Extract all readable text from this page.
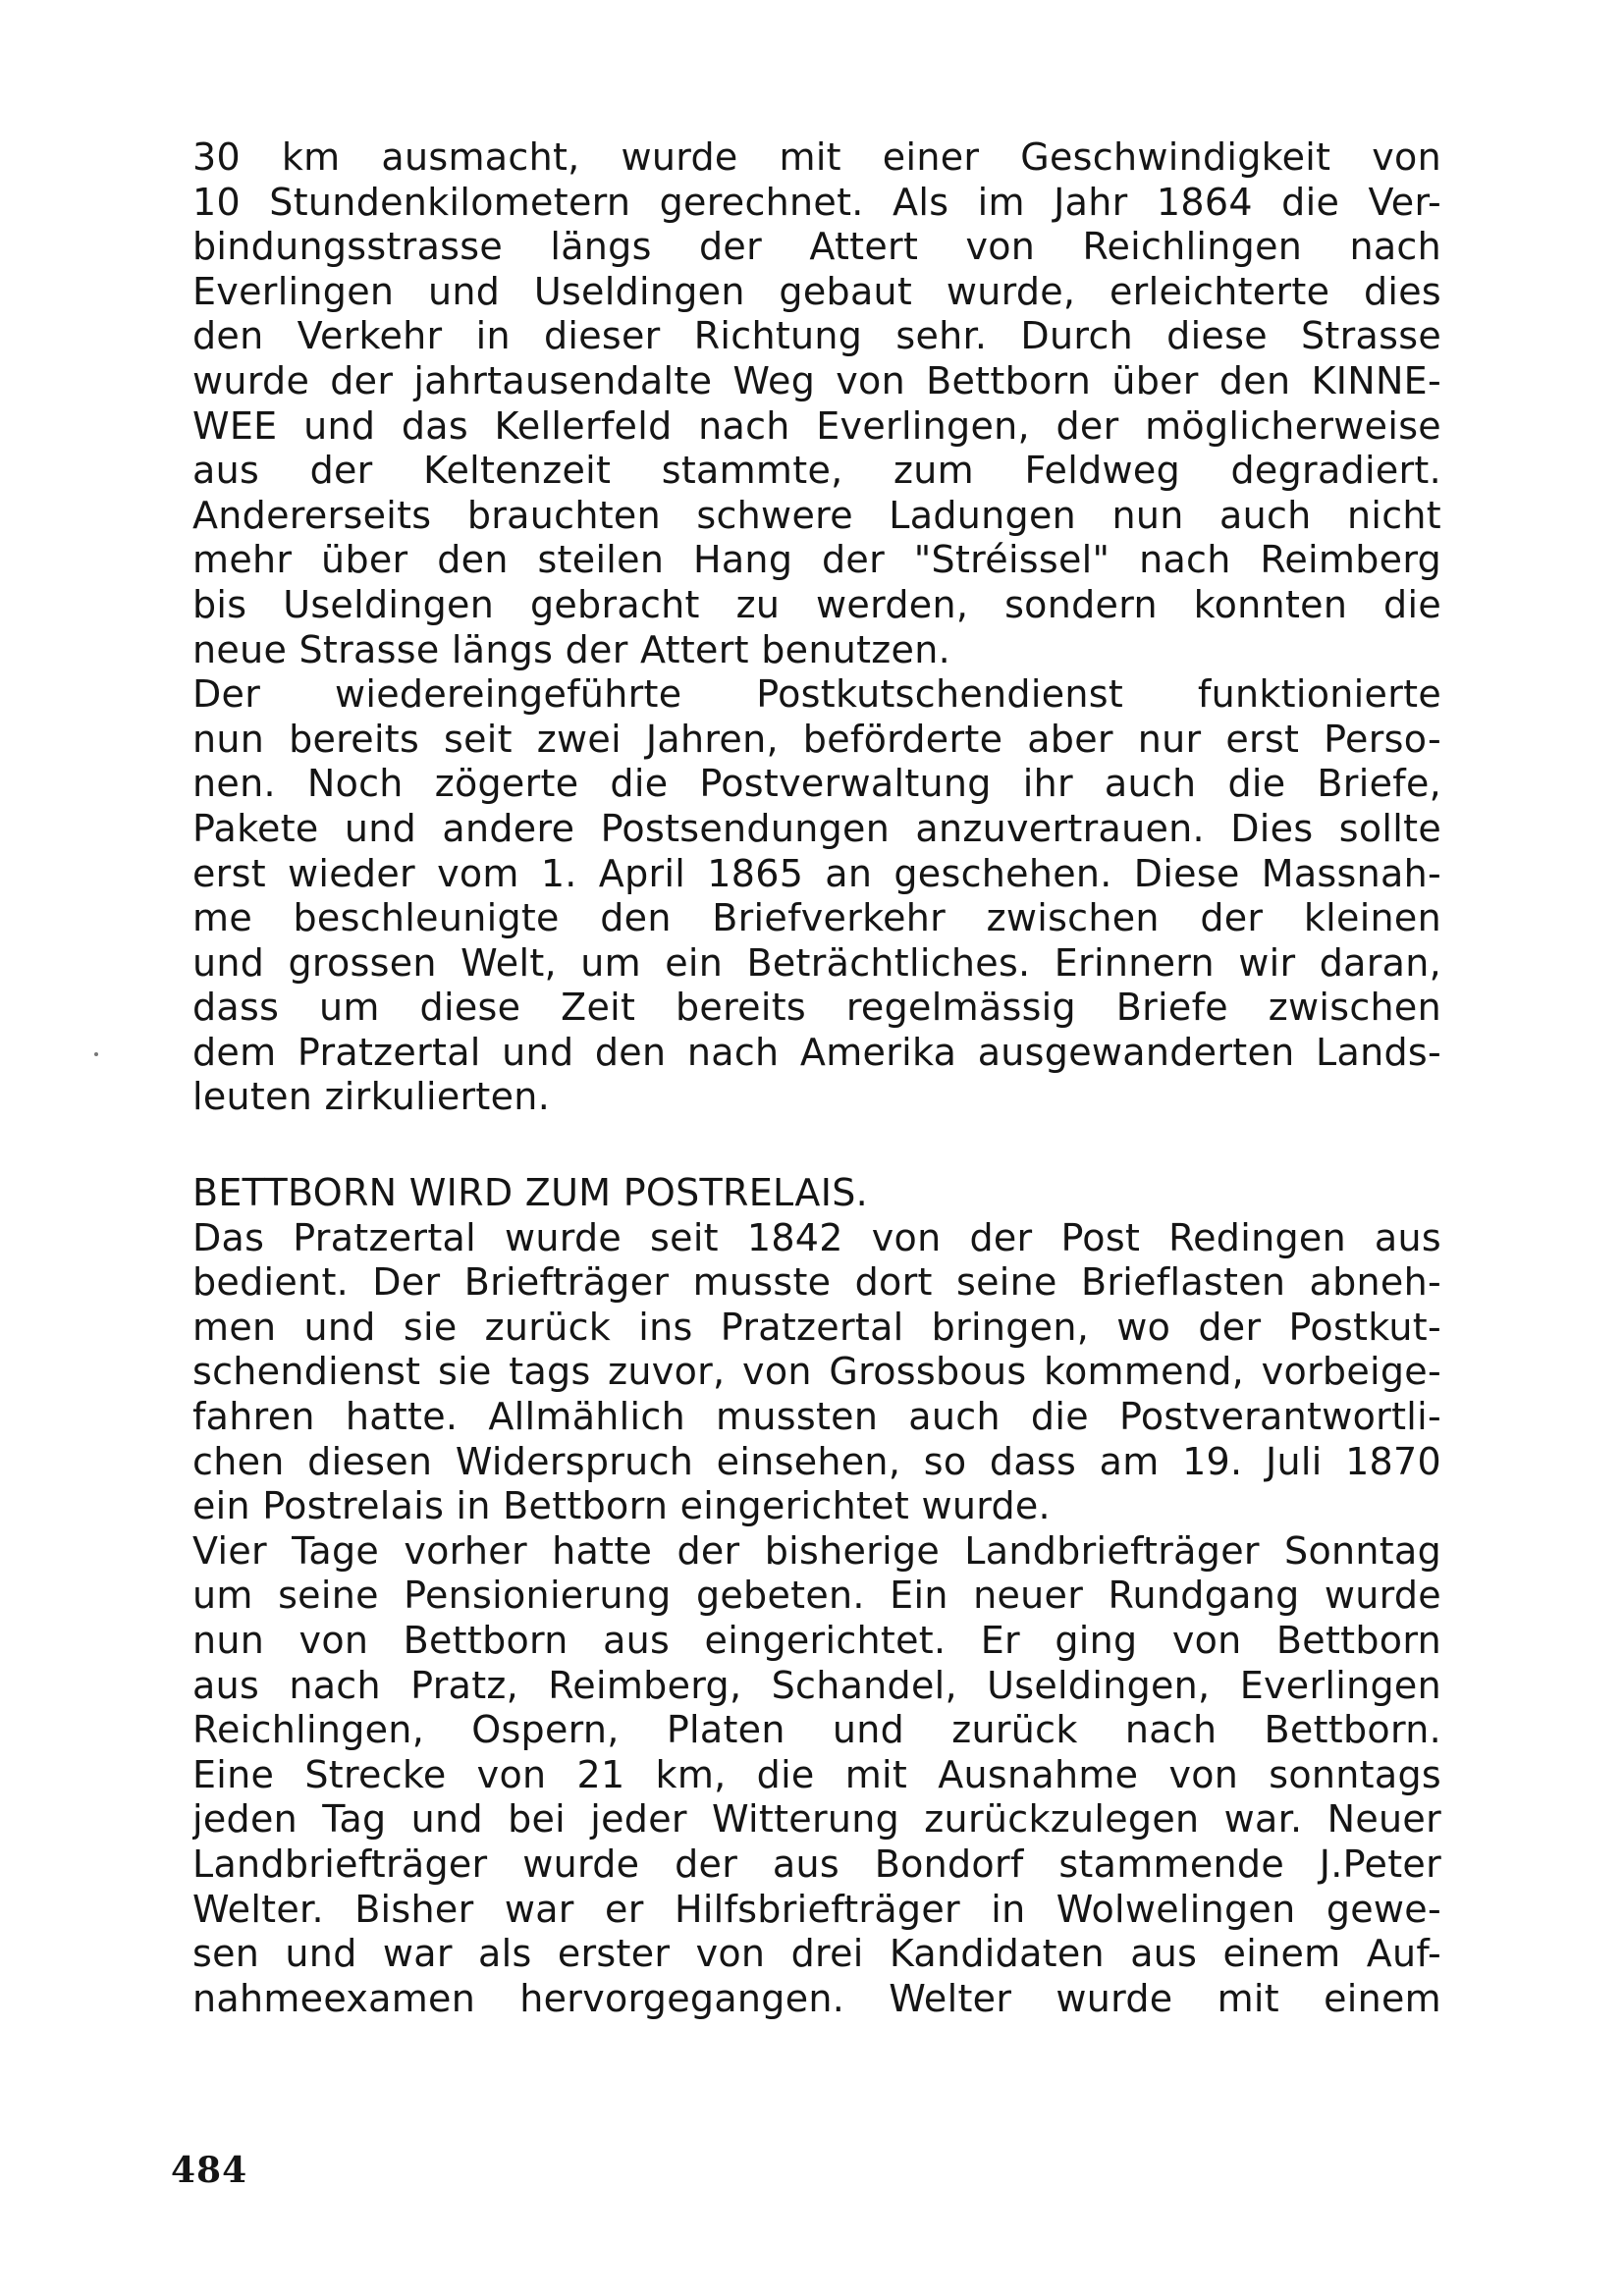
30 km ausmacht, wurde mit einer Geschwindigkeit von
10 Stundenkilometern gerechnet. Als im Jahr 1864 die Ver-
bindungsstrasse längs der Attert von Reichlingen nach
Everlingen und Useldingen gebaut wurde, erleichterte dies
den Verkehr in dieser Richtung sehr. Durch diese Strasse
wurde der jahrtausendalte Weg von Bettborn über den KINNE-
WEE und das Kellerfeld nach Everlingen, der möglicherweise
aus der Keltenzeit stammte, zum Feldweg degradiert.
Andererseits brauchten schwere Ladungen nun auch nicht
mehr über den steilen Hang der "Stréissel" nach Reimberg
bis Useldingen gebracht zu werden, sondern konnten die
neue Strasse längs der Attert benutzen.
Der wiedereingeführte Postkutschendienst funktionierte
nun bereits seit zwei Jahren, beförderte aber nur erst Perso-
nen. Noch zögerte die Postverwaltung ihr auch die Briefe,
Pakete und andere Postsendungen anzuvertrauen. Dies sollte
erst wieder vom 1. April 1865 an geschehen. Diese Massnah-
me beschleunigte den Briefverkehr zwischen der kleinen
und grossen Welt, um ein Beträchtliches. Erinnern wir daran,
dass um diese Zeit bereits regelmässig Briefe zwischen
dem Pratzertal und den nach Amerika ausgewanderten Lands-
leuten zirkulierten.
BETTBORN WIRD ZUM POSTRELAIS.
Das Pratzertal wurde seit 1842 von der Post Redingen aus
bedient. Der Briefträger musste dort seine Brieflasten abneh-
men und sie zurück ins Pratzertal bringen, wo der Postkut-
schendienst sie tags zuvor, von Grossbous kommend, vorbeige-
fahren hatte. Allmählich mussten auch die Postverantwortli-
chen diesen Widerspruch einsehen, so dass am 19. Juli 1870
ein Postrelais in Bettborn eingerichtet wurde.
Vier Tage vorher hatte der bisherige Landbriefträger Sonntag
um seine Pensionierung gebeten. Ein neuer Rundgang wurde
nun von Bettborn aus eingerichtet. Er ging von Bettborn
aus nach Pratz, Reimberg, Schandel, Useldingen, Everlingen
Reichlingen, Ospern, Platen und zurück nach Bettborn.
Eine Strecke von 21 km, die mit Ausnahme von sonntags
jeden Tag und bei jeder Witterung zurückzulegen war. Neuer
Landbriefträger wurde der aus Bondorf stammende J.Peter
Welter. Bisher war er Hilfsbriefträger in Wolwelingen gewe-
sen und war als erster von drei Kandidaten aus einem Auf-
nahmeexamen hervorgegangen. Welter wurde mit einem
484
